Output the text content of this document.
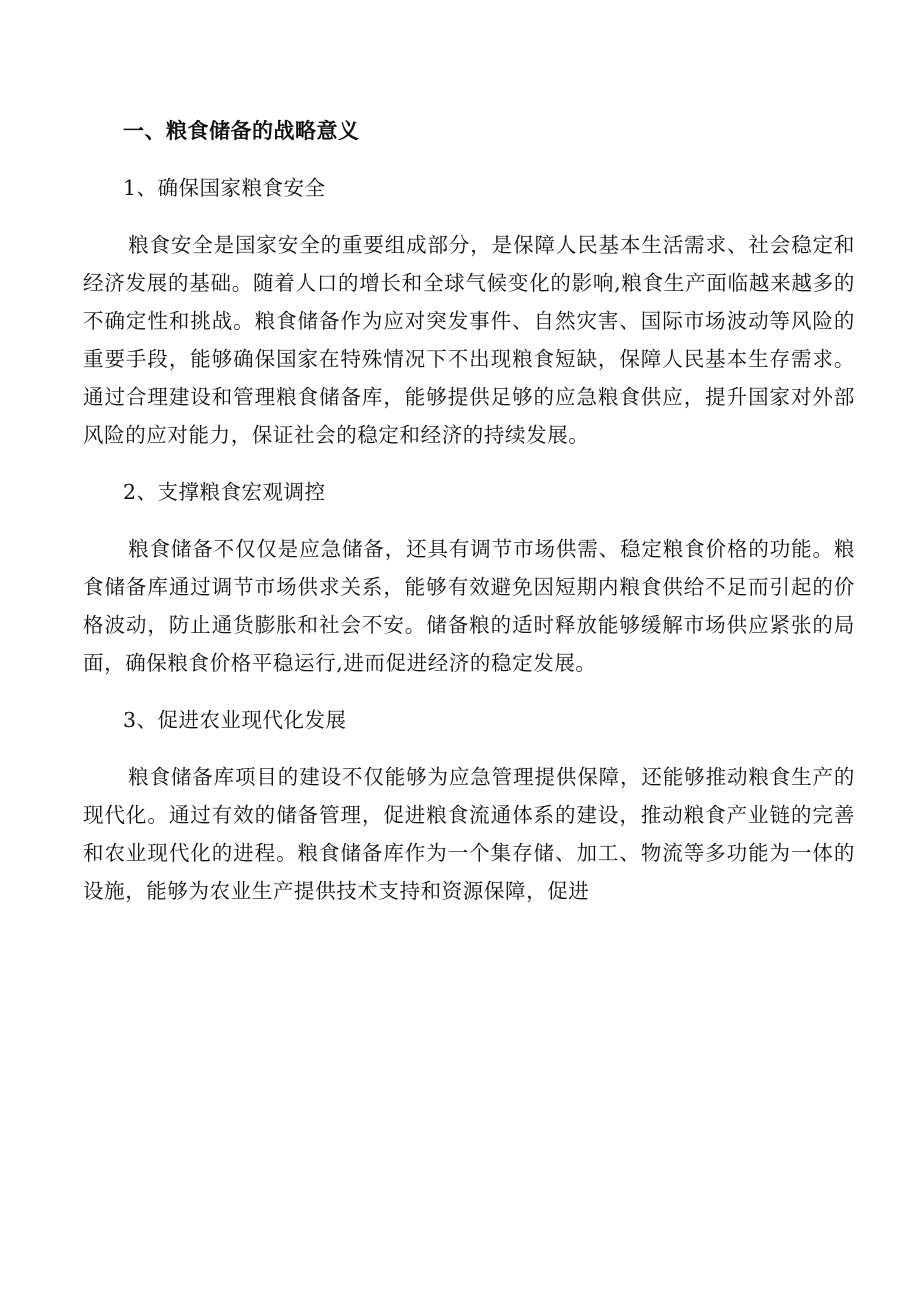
一、粮食储备的战略意义
1、确保国家粮食安全
粮食安全是国家安全的重要组成部分，是保障人民基本生活需求、社会稳定和经济发展的基础。随着人口的增长和全球气候变化的影响,粮食生产面临越来越多的不确定性和挑战。粮食储备作为应对突发事件、自然灾害、国际市场波动等风险的重要手段，能够确保国家在特殊情况下不出现粮食短缺，保障人民基本生存需求。通过合理建设和管理粮食储备库，能够提供足够的应急粮食供应，提升国家对外部风险的应对能力，保证社会的稳定和经济的持续发展。
2、支撑粮食宏观调控
粮食储备不仅仅是应急储备，还具有调节市场供需、稳定粮食价格的功能。粮食储备库通过调节市场供求关系，能够有效避免因短期内粮食供给不足而引起的价格波动，防止通货膨胀和社会不安。储备粮的适时释放能够缓解市场供应紧张的局面，确保粮食价格平稳运行,进而促进经济的稳定发展。
3、促进农业现代化发展
粮食储备库项目的建设不仅能够为应急管理提供保障，还能够推动粮食生产的现代化。通过有效的储备管理，促进粮食流通体系的建设，推动粮食产业链的完善和农业现代化的进程。粮食储备库作为一个集存储、加工、物流等多功能为一体的设施，能够为农业生产提供技术支持和资源保障，促进
